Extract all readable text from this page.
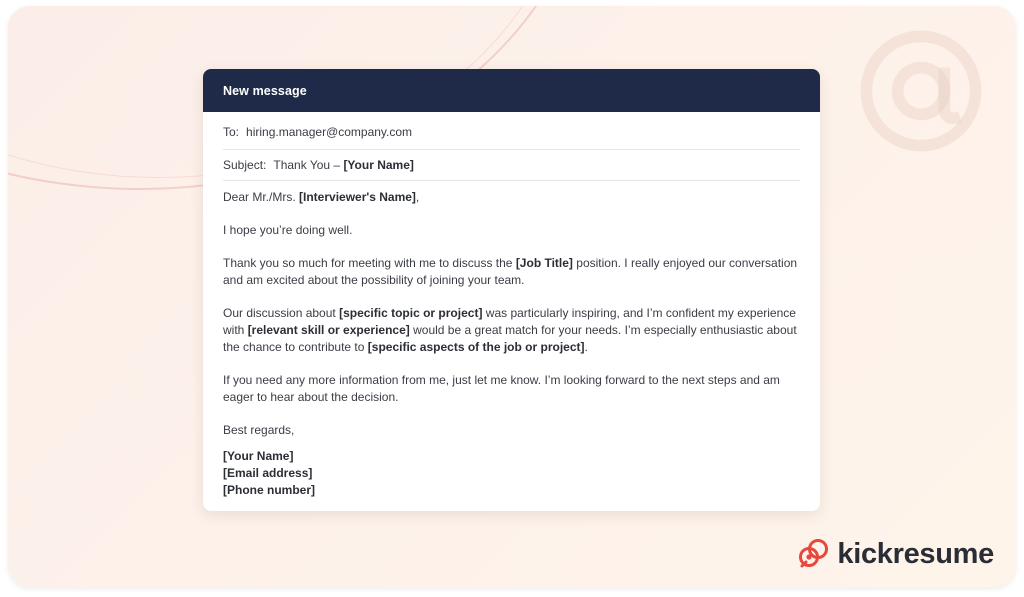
New message
To: hiring.manager@company.com
Subject: Thank You – [Your Name]

Dear Mr./Mrs. [Interviewer's Name],

I hope you’re doing well.

Thank you so much for meeting with me to discuss the [Job Title] position. I really enjoyed our conversation and am excited about the possibility of joining your team.

Our discussion about [specific topic or project] was particularly inspiring, and I’m confident my experience with [relevant skill or experience] would be a great match for your needs. I’m especially enthusiastic about the chance to contribute to [specific aspects of the job or project].

If you need any more information from me, just let me know. I’m looking forward to the next steps and am eager to hear about the decision.

Best regards,

[Your Name]
[Email address]
[Phone number]

kickresume
